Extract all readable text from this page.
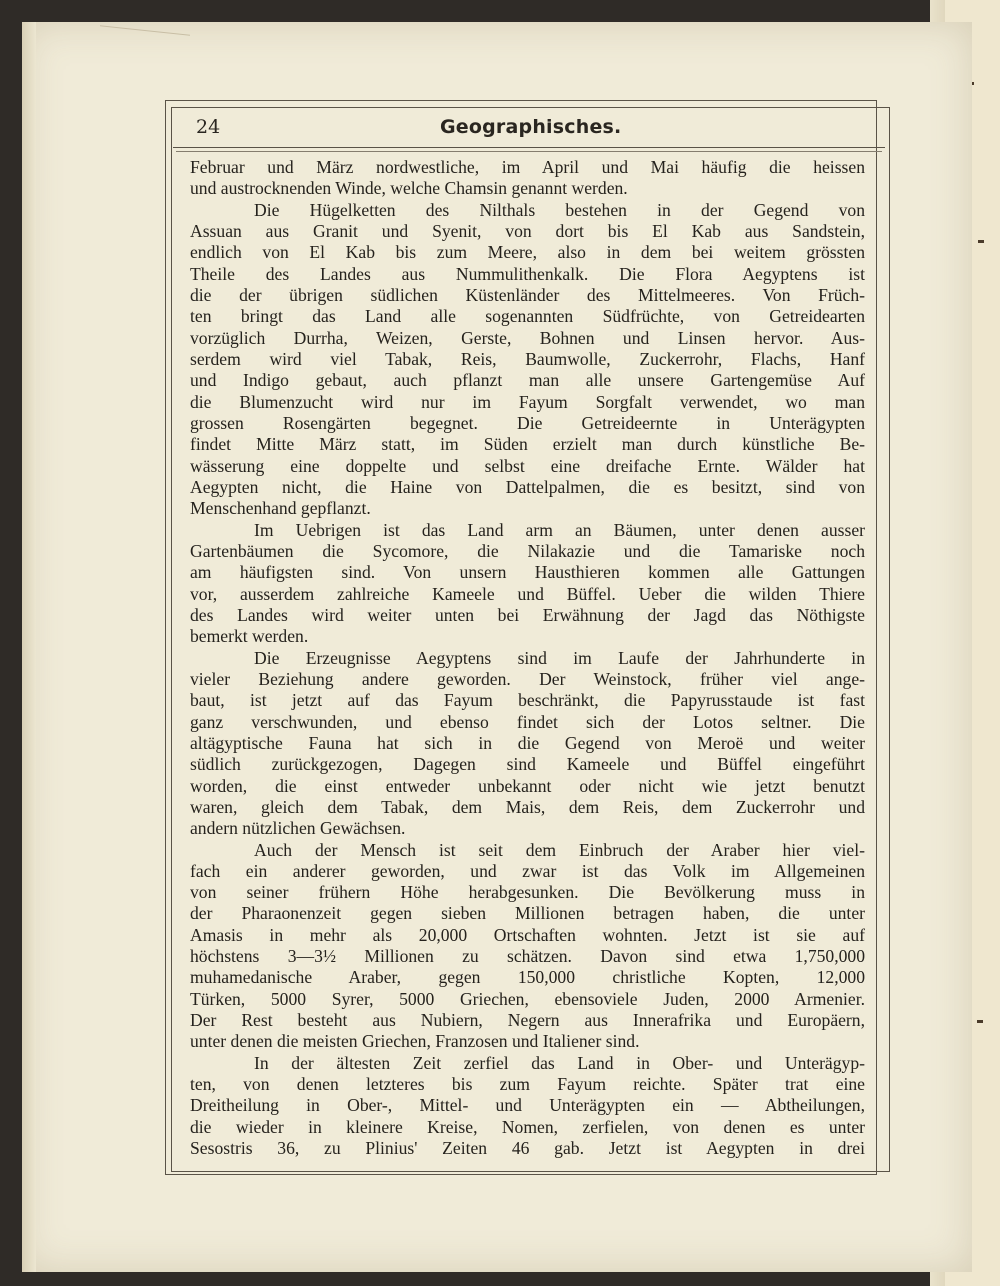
24	Geographisches.
Februar und März nordwestliche, im April und Mai häufig die heissen
und austrocknenden Winde, welche Chamsin genannt werden.
Die Hügelketten des Nilthals bestehen in der Gegend von
Assuan aus Granit und Syenit, von dort bis El Kab aus Sandstein,
endlich von El Kab bis zum Meere, also in dem bei weitem grössten
Theile des Landes aus Nummulithenkalk. Die Flora Aegyptens ist
die der übrigen südlichen Küstenländer des Mittelmeeres. Von Früch-
ten bringt das Land alle sogenannten Südfrüchte, von Getreidearten
vorzüglich Durrha, Weizen, Gerste, Bohnen und Linsen hervor. Aus-
serdem wird viel Tabak, Reis, Baumwolle, Zuckerrohr, Flachs, Hanf
und Indigo gebaut, auch pflanzt man alle unsere Gartengemüse Auf
die Blumenzucht wird nur im Fayum Sorgfalt verwendet, wo man
grossen Rosengärten begegnet. Die Getreideernte in Unterägypten
findet Mitte März statt, im Süden erzielt man durch künstliche Be-
wässerung eine doppelte und selbst eine dreifache Ernte. Wälder hat
Aegypten nicht, die Haine von Dattelpalmen, die es besitzt, sind von
Menschenhand gepflanzt.
Im Uebrigen ist das Land arm an Bäumen, unter denen ausser
Gartenbäumen die Sycomore, die Nilakazie und die Tamariske noch
am häufigsten sind. Von unsern Hausthieren kommen alle Gattungen
vor, ausserdem zahlreiche Kameele und Büffel. Ueber die wilden Thiere
des Landes wird weiter unten bei Erwähnung der Jagd das Nöthigste
bemerkt werden.
Die Erzeugnisse Aegyptens sind im Laufe der Jahrhunderte in
vieler Beziehung andere geworden. Der Weinstock, früher viel ange-
baut, ist jetzt auf das Fayum beschränkt, die Papyrusstaude ist fast
ganz verschwunden, und ebenso findet sich der Lotos seltner. Die
altägyptische Fauna hat sich in die Gegend von Meroë und weiter
südlich zurückgezogen, Dagegen sind Kameele und Büffel eingeführt
worden, die einst entweder unbekannt oder nicht wie jetzt benutzt
waren, gleich dem Tabak, dem Mais, dem Reis, dem Zuckerrohr und
andern nützlichen Gewächsen.
Auch der Mensch ist seit dem Einbruch der Araber hier viel-
fach ein anderer geworden, und zwar ist das Volk im Allgemeinen
von seiner frühern Höhe herabgesunken. Die Bevölkerung muss in
der Pharaonenzeit gegen sieben Millionen betragen haben, die unter
Amasis in mehr als 20,000 Ortschaften wohnten. Jetzt ist sie auf
höchstens 3—3½ Millionen zu schätzen. Davon sind etwa 1,750,000
muhamedanische Araber, gegen 150,000 christliche Kopten, 12,000
Türken, 5000 Syrer, 5000 Griechen, ebensoviele Juden, 2000 Armenier.
Der Rest besteht aus Nubiern, Negern aus Innerafrika und Europäern,
unter denen die meisten Griechen, Franzosen und Italiener sind.
In der ältesten Zeit zerfiel das Land in Ober- und Unterägyp-
ten, von denen letzteres bis zum Fayum reichte. Später trat eine
Dreitheilung in Ober-, Mittel- und Unterägypten ein — Abtheilungen,
die wieder in kleinere Kreise, Nomen, zerfielen, von denen es unter
Sesostris 36, zu Plinius' Zeiten 46 gab. Jetzt ist Aegypten in drei
